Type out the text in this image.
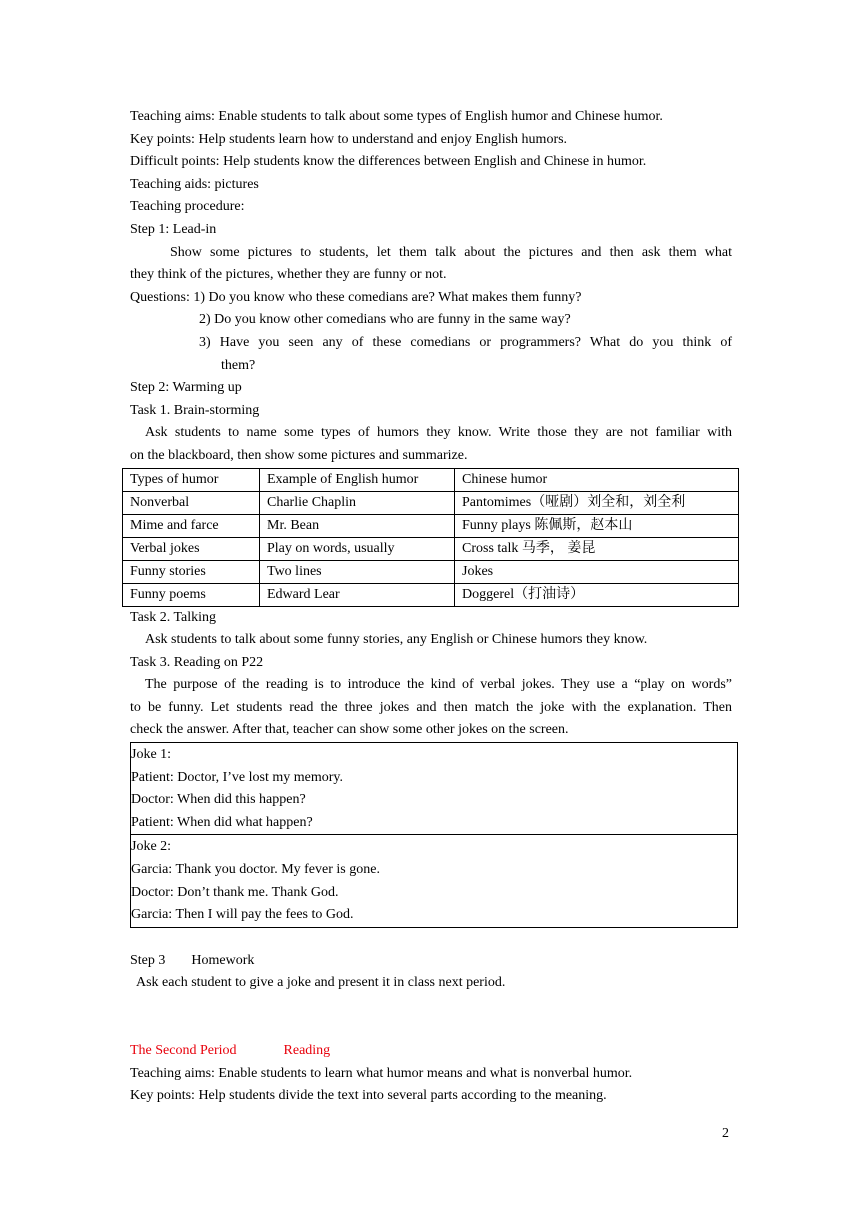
Teaching aims: Enable students to talk about some types of English humor and Chinese humor.
Key points: Help students learn how to understand and enjoy English humors.
Difficult points: Help students know the differences between English and Chinese in humor.
Teaching aids: pictures
Teaching procedure:
Step 1: Lead-in
Show some pictures to students, let them talk about the pictures and then ask them what
they think of the pictures, whether they are funny or not.
Questions: 1) Do you know who these comedians are? What makes them funny?
2) Do you know other comedians who are funny in the same way?
3) Have you seen any of these comedians or programmers? What do you think of
them?
Step 2: Warming up
Task 1. Brain-storming
Ask students to name some types of humors they know. Write those they are not familiar with
on the blackboard, then show some pictures and summarize.
Types of humor	Example of English humor	Chinese humor
Nonverbal	Charlie Chaplin	Pantomimes（哑剧）刘全和，刘全利
Mime and farce	Mr. Bean	Funny plays 陈佩斯，赵本山
Verbal jokes	Play on words, usually	Cross talk 马季， 姜昆
Funny stories	Two lines	Jokes
Funny poems	Edward Lear	Doggerel（打油诗）
Task 2. Talking
Ask students to talk about some funny stories, any English or Chinese humors they know.
Task 3. Reading on P22
The purpose of the reading is to introduce the kind of verbal jokes. They use a “play on words”
to be funny. Let students read the three jokes and then match the joke with the explanation. Then
check the answer. After that, teacher can show some other jokes on the screen.
Joke 1:
Patient: Doctor, I’ve lost my memory.
Doctor: When did this happen?
Patient: When did what happen?

Joke 2:
Garcia: Thank you doctor. My fever is gone.
Doctor: Don’t thank me. Thank God.
Garcia: Then I will pay the fees to God.
Step 3 Homework
Ask each student to give a joke and present it in class next period.
The Second Period	Reading
Teaching aims: Enable students to learn what humor means and what is nonverbal humor.
Key points: Help students divide the text into several parts according to the meaning.
2
